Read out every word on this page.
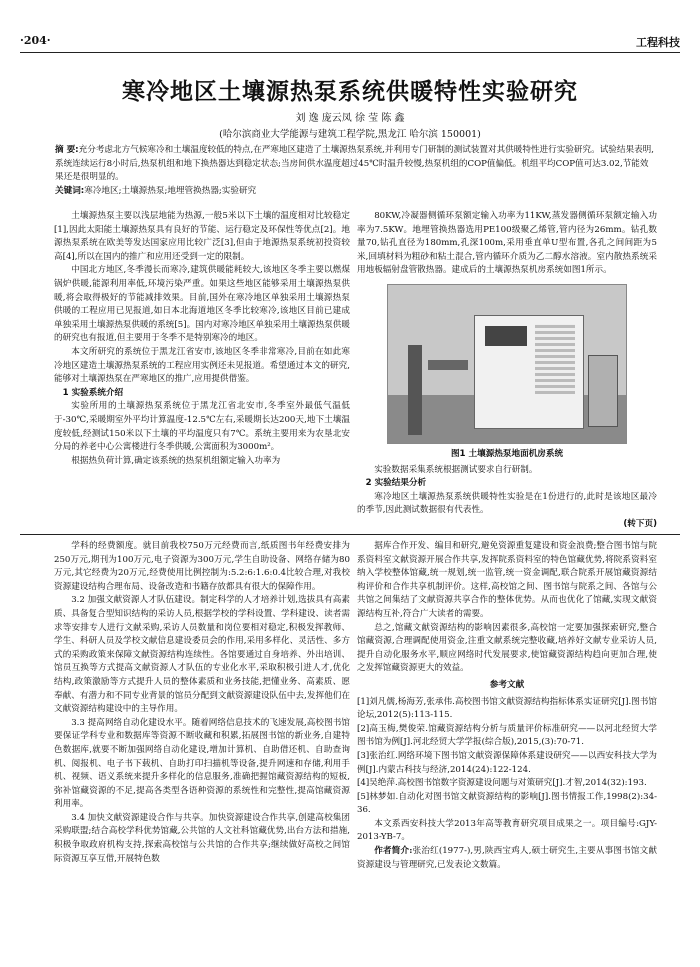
·204·	工程科技
寒冷地区土壤源热泵系统供暖特性实验研究
刘 逸 庞云凤 徐 莹 陈 鑫
(哈尔滨商业大学能源与建筑工程学院,黑龙江 哈尔滨 150001)
摘 要:充分考虑北方气候寒冷和土壤温度较低的特点,在严寒地区建造了土壤源热泵系统,并利用专门研制的测试装置对其供暖特性进行实验研究。试验结果表明,系统连续运行8小时后,热泵机组和地下换热器达到稳定状态;当房间供水温度超过45℃时温升较慢,热泵机组的COP值偏低。机组平均COP值可达3.02,节能效果还是很明显的。
关键词:寒冷地区;土壤源热泵;地埋管换热器;实验研究

土壤源热泵主要以浅层地能为热源,一般5米以下土壤的温度相对比较稳定[1],因此太阳能土壤源热泵具有良好的节能、运行稳定及环保性等优点[2]。地源热泵系统在欧美等发达国家应用比较广泛[3],但由于地源热泵系统初投资较高[4],所以在国内的推广和应用还受到一定的限制。

中国北方地区,冬季漫长而寒冷,建筑供暖能耗较大,该地区冬季主要以燃煤锅炉供暖,能源利用率低,环境污染严重。如果这些地区能够采用土壤源热泵供暖,将会取得极好的节能减排效果。目前,国外在寒冷地区单独采用土壤源热泵供暖的工程应用已见报道,如日本北海道地区冬季比较寒冷,该地区目前已建成单独采用土壤源热泵供暖的系统[5]。国内对寒冷地区单独采用土壤源热泵供暖的研究也有报道,但主要用于冬季不是特别寒冷的地区。

本文所研究的系统位于黑龙江省安市,该地区冬季非常寒冷,目前在如此寒冷地区建造土壤源热泵系统的工程应用实例还未见报道。希望通过本文的研究,能够对土壤源热泵在严寒地区的推广,应用提供借鉴。

1 实验系统介绍

实验所用的土壤源热泵系统位于黑龙江省北安市,冬季室外最低气温低于-30℃,采暖期室外平均计算温度-12.5℃左右,采暖期长达200天,地下土壤温度较低,经测试150米以下土壤的平均温度只有7℃。系统主要用来为农垦北安分局的养老中心公寓楼进行冬季供暖,公寓面积为3000m²。

根据热负荷计算,确定该系统的热泵机组额定输入功率为

80KW,冷凝器侧循环泵额定输入功率为11KW,蒸发器侧循环泵额定输入功率为7.5KW。地埋管换热器选用PE100级聚乙烯管,管内径为26mm。钻孔数量70,钻孔直径为180mm,孔深100m,采用垂直单U型布置,各孔之间间距为5米,回填材料为粗砂和粘土混合,管内循环介质为乙二醇水溶液。室内散热系统采用地板辐射盘管散热器。建成后的土壤源热泵机房系统如图1所示。

图1 土壤源热泵地面机房系统

实验数据采集系统根据测试要求自行研制。

2 实验结果分析

寒冷地区土壤源热泵系统供暖特性实验是在1份进行的,此时是该地区最冷的季节,因此测试数据很有代表性。

(转下页)

学科的经费额度。就目前我校750万元经费而言,纸质图书年经费安排为250万元,期刊为100万元,电子资源为300万元,学生自助设备、网络存储为80万元,其它经费为20万元,经费使用比例控制为:5.2:6:1.6:0.4比较合理,对我校资源建设结构合理布局、设备改造和书籍存放都具有很大的保障作用。

3.2 加强文献资源人才队伍建设。制定科学的人才培养计划,选拔具有高素质、具备复合型知识结构的采访人员,根据学校的学科设置、学科建设、读者需求等安排专人进行文献采购,采访人员数量和岗位要相对稳定,积极发挥教师、学生、科研人员及学校文献信息建设委员会的作用,采用多样化、灵活性、多方式的采购政策来保障文献资源结构连续性。各馆要通过自身培养、外出培训、馆员互换等方式提高文献资源人才队伍的专业化水平,采取积极引进人才,优化结构,政策激励等方式提升人员的整体素质和业务技能,把懂业务、高素质、愿奉献、有潜力和不同专业背景的馆员分配到文献资源建设队伍中去,发挥他们在文献资源结构建设中的主导作用。

3.3 提高网络自动化建设水平。随着网络信息技术的飞速发展,高校图书馆要保证学科专业和数据库等资源不断收藏和积累,拓展图书馆的新业务,自建特色数据库,就要不断加强网络自动化建设,增加计算机、自助借还机、自助查询机、阅报机、电子书下载机、自助打印扫描机等设备,提升网速和存储,利用手机、视频、语义系统来提升多样化的信息服务,准确把握馆藏资源结构的短板,弥补馆藏资源的不足,提高各类型各语种资源的系统性和完整性,提高馆藏资源利用率。

3.4 加快文献资源建设合作与共享。加快资源建设合作共享,创建高校集团采购联盟;结合高校学科优势馆藏,公共馆的人文社科馆藏优势,出台方法和措施,积极争取政府机构支持,探索高校馆与公共馆的合作共享;继续做好高校之间馆际资源互享互借,开展特色数

据库合作开发、编目和研究,避免资源重复建设和资金浪费;整合图书馆与院系资料室文献资源开展合作共享,发挥院系资料室的特色馆藏优势,将院系资料室纳入学校整体馆藏,统一规划,统一监管,统一资金调配,联合院系开展馆藏资源结构评价和合作共享机制评价。这样,高校馆之间、图书馆与院系之间、各馆与公共馆之间集结了文献资源共享合作的整体优势。从而也优化了馆藏,实现文献资源结构互补,符合广大读者的需要。

总之,馆藏文献资源结构的影响因素很多,高校馆一定要加强探索研究,整合馆藏资源,合理调配使用资金,注重文献系统完整收藏,培养好文献专业采访人员,提升自动化服务水平,顺应网络时代发展要求,使馆藏资源结构趋向更加合理,使之发挥馆藏资源更大的效益。

参考文献

[1]刘凡儒,杨海芳,张承伟.高校图书馆文献资源结构指标体系实证研究[J].图书馆论坛,2012(5):113-115.

[2]高玉梅,樊俊荣.馆藏资源结构分析与质量评价标准研究——以河北经贸大学图书馆为例[J].河北经贸大学学报(综合版),2015,(3):70-71.

[3]张治红.网络环境下图书馆文献资源保障体系建设研究——以西安科技大学为例[J].内蒙古科技与经济,2014(24):122-124.

[4]吴绝萍.高校图书馆数字资源建设问题与对策研究[J].才智,2014(32):193.

[5]林梦如.自动化对图书馆文献资源结构的影响[J].图书情报工作,1998(2):34-36.

本文系西安科技大学2013年高等教育研究项目成果之一。项目编号:GJY-2013-YB-7。

作者简介:张治红(1977-),男,陕西宝鸡人,硕士研究生,主要从事图书馆文献资源建设与管理研究,已发表论文数篇。
